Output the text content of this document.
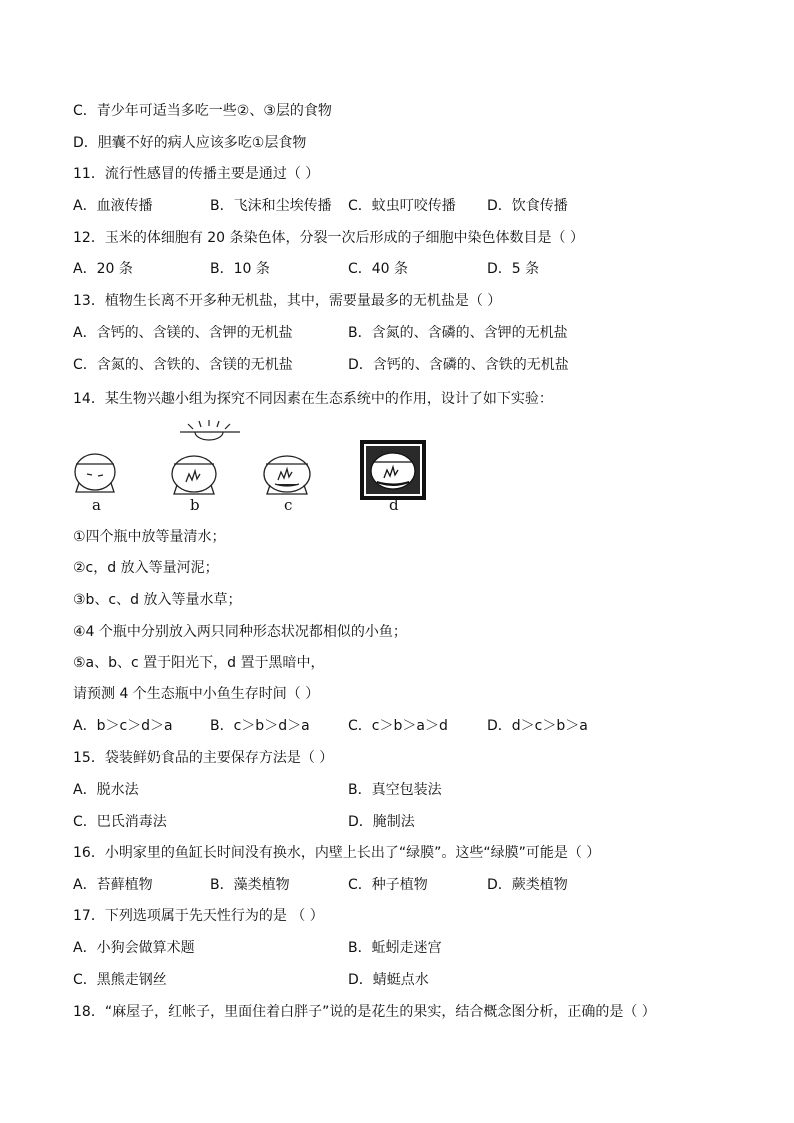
C．青少年可适当多吃一些②、③层的食物
D．胆囊不好的病人应该多吃①层食物
11．流行性感冒的传播主要是通过（ ）
A．血液传播	B．飞沫和尘埃传播 C．蚊虫叮咬传播 D．饮食传播
12．玉米的体细胞有 20 条染色体，分裂一次后形成的子细胞中染色体数目是（ ）
A．20 条	B．10 条	C．40 条	D．5 条
13．植物生长离不开多种无机盐，其中，需要量最多的无机盐是（ ）
A．含钙的、含镁的、含钾的无机盐	B．含氮的、含磷的、含钾的无机盐
C．含氮的、含铁的、含镁的无机盐	D．含钙的、含磷的、含铁的无机盐
14．某生物兴趣小组为探究不同因素在生态系统中的作用，设计了如下实验：
a	b	c	d
①四个瓶中放等量清水；
②c，d 放入等量河泥；
③b、c、d 放入等量水草；
④4 个瓶中分别放入两只同种形态状况都相似的小鱼；
⑤a、b、c 置于阳光下，d 置于黑暗中，
请预测 4 个生态瓶中小鱼生存时间（ ）
A．b＞c＞d＞a	B．c＞b＞d＞a	C．c＞b＞a＞d	D．d＞c＞b＞a
15．袋装鲜奶食品的主要保存方法是（ ）
A．脱水法	B．真空包装法
C．巴氏消毒法	D．腌制法
16．小明家里的鱼缸长时间没有换水，内壁上长出了“绿膜”。这些“绿膜”可能是（ ）
A．苔藓植物	B．藻类植物	C．种子植物	D．蕨类植物
17．下列选项属于先天性行为的是 （ ）
A．小狗会做算术题	B．蚯蚓走迷宫
C．黑熊走钢丝	D．蜻蜓点水
18．“麻屋子，红帐子，里面住着白胖子”说的是花生的果实，结合概念图分析，正确的是（ ）
